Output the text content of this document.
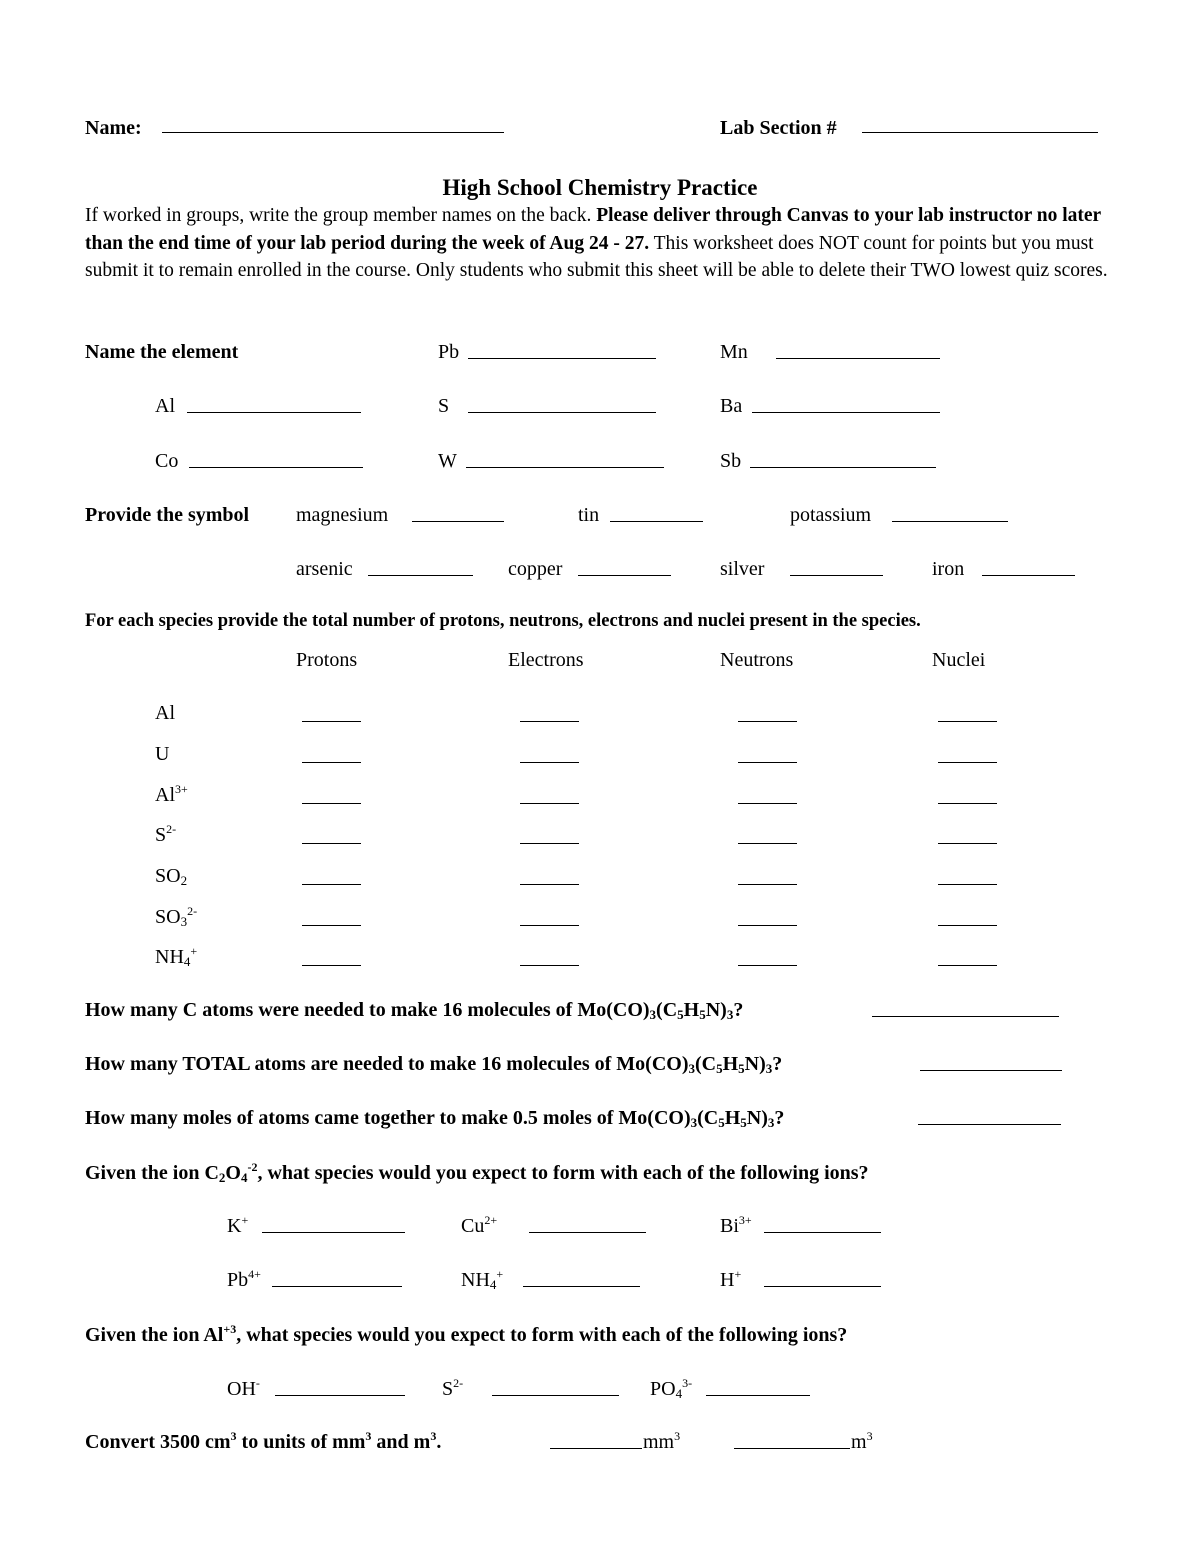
Name:	Lab Section #
High School Chemistry Practice
If worked in groups, write the group member names on the back. Please deliver through Canvas to your lab instructor no later than the end time of your lab period during the week of Aug 24 - 27. This worksheet does NOT count for points but you must submit it to remain enrolled in the course. Only students who submit this sheet will be able to delete their TWO lowest quiz scores.
Name the element	Pb	Mn
Al	S	Ba
Co	W	Sb
Provide the symbol magnesium	tin	potassium
arsenic	copper	silver	iron
For each species provide the total number of protons, neutrons, electrons and nuclei present in the species.
Protons	Electrons	Neutrons	Nuclei
Al
U
$Al^{3+}$
$S^{2-}$
$SO_2$
$SO_3^{2-}$
$NH_4^+$
How many C atoms were needed to make 16 molecules of $Mo(CO)_3(C_5H_5N)_3$?
How many TOTAL atoms are needed to make 16 molecules of $Mo(CO)_3(C_5H_5N)_3$?
How many moles of atoms came together to make 0.5 moles of $Mo(CO)_3(C_5H_5N)_3$?
Given the ion $C_2O_4^{-2}$, what species would you expect to form with each of the following ions?
K+	$Cu^{2+}$	$Bi^{3+}$
$Pb^{4+}$	$NH_4^+$	H+
Given the ion $Al^{+3}$, what species would you expect to form with each of the following ions?
OH-	$S^{2-}$	$PO_4^{3-}$
Convert 3500 $cm^3$ to units of $mm^3$ and $m^3$.	$mm^3$	$m^3$
